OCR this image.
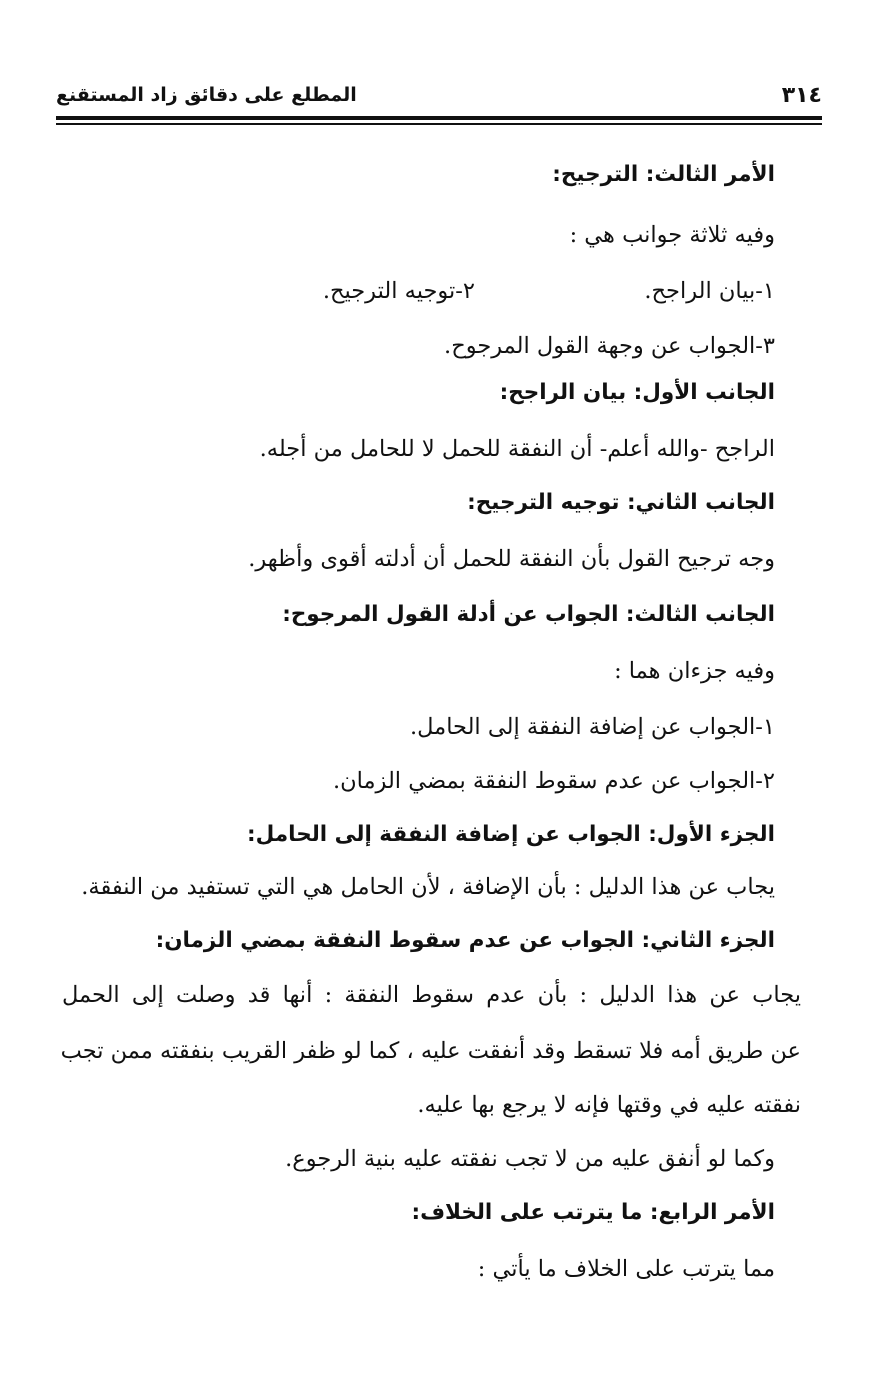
٣١٤
المطلع على دقائق زاد المستقنع
الأمر الثالث: الترجيح:
وفيه ثلاثة جوانب هي :
١-بيان الراجح.
٢-توجيه الترجيح.
٣-الجواب عن وجهة القول المرجوح.
الجانب الأول: بيان الراجح:
الراجح -والله أعلم- أن النفقة للحمل لا للحامل من أجله.
الجانب الثاني: توجيه الترجيح:
وجه ترجيح القول بأن النفقة للحمل أن أدلته أقوى وأظهر.
الجانب الثالث: الجواب عن أدلة القول المرجوح:
وفيه جزءان هما :
١-الجواب عن إضافة النفقة إلى الحامل.
٢-الجواب عن عدم سقوط النفقة بمضي الزمان.
الجزء الأول: الجواب عن إضافة النفقة إلى الحامل:
يجاب عن هذا الدليل : بأن الإضافة ، لأن الحامل هي التي تستفيد من النفقة.
الجزء الثاني: الجواب عن عدم سقوط النفقة بمضي الزمان:
يجاب عن هذا الدليل : بأن عدم سقوط النفقة : أنها قد وصلت إلى الحمل
عن طريق أمه فلا تسقط وقد أنفقت عليه ، كما لو ظفر القريب بنفقته ممن تجب
نفقته عليه في وقتها فإنه لا يرجع بها عليه.
وكما لو أنفق عليه من لا تجب نفقته عليه بنية الرجوع.
الأمر الرابع: ما يترتب على الخلاف:
مما يترتب على الخلاف ما يأتي :
